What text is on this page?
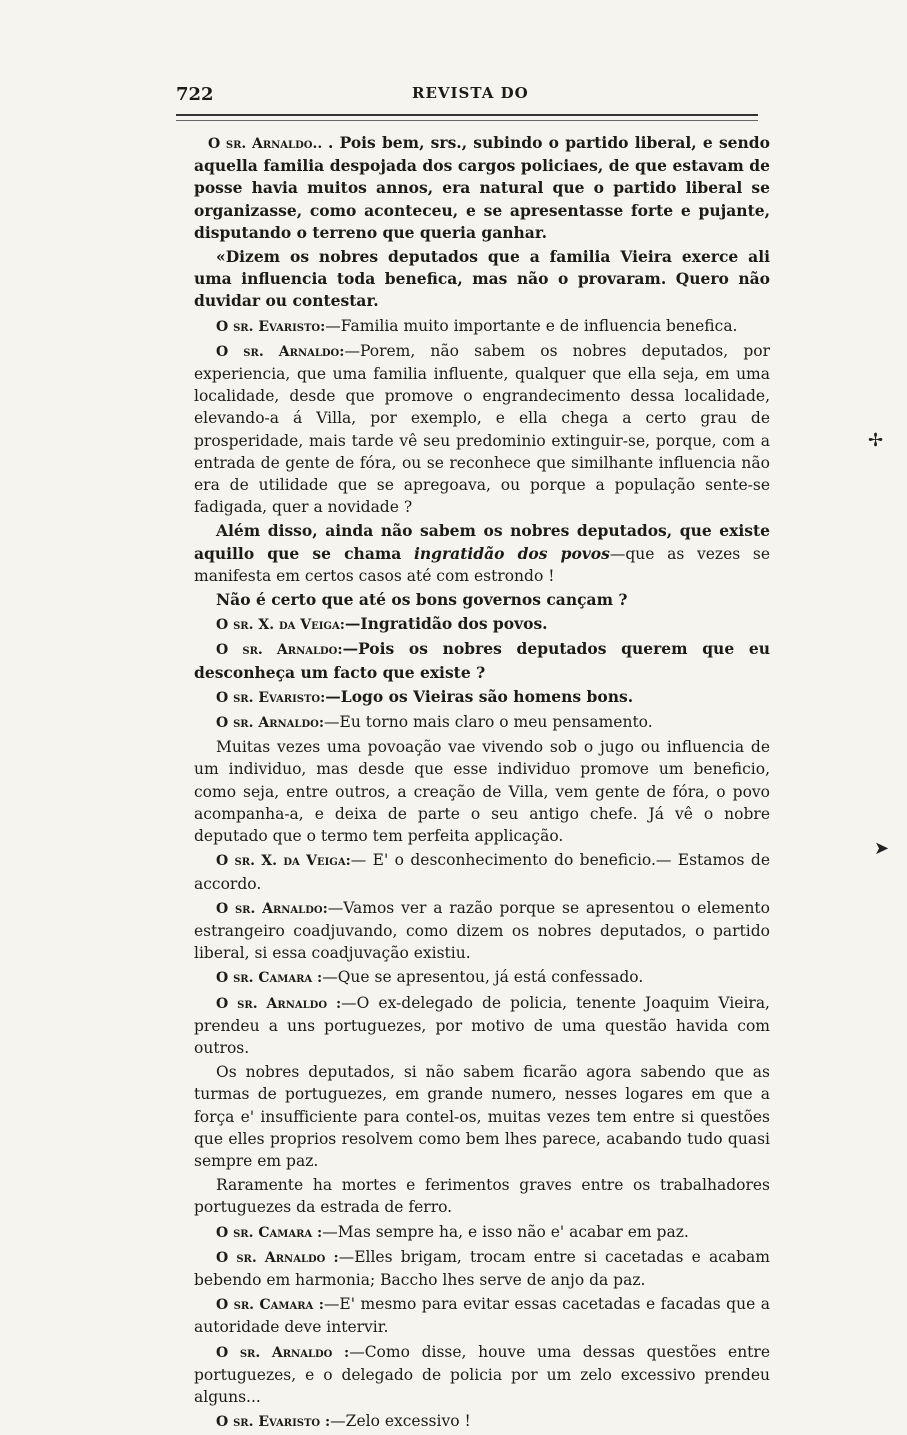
722	REVISTA DO

O sr. Arnaldo.. . Pois bem, srs., subindo o partido liberal, e sendo aquella familia despojada dos cargos policiaes, de que estavam de posse havia muitos annos, era natural que o partido liberal se organizasse, como aconteceu, e se apresentasse forte e pujante, disputando o terreno que queria ganhar.

«Dizem os nobres deputados que a familia Vieira exerce ali uma influencia toda benefica, mas não o provaram. Quero não duvidar ou contestar.

O sr. Evaristo:—Familia muito importante e de influencia benefica.

O sr. Arnaldo:—Porem, não sabem os nobres deputados, por experiencia, que uma familia influente, qualquer que ella seja, em uma localidade, desde que promove o engrandecimento dessa localidade, elevando-a á Villa, por exemplo, e ella chega a certo grau de prosperidade, mais tarde vê seu predominio extinguir-se, porque, com a entrada de gente de fóra, ou se reconhece que similhante influencia não era de utilidade que se apregoava, ou porque a população sente-se fadigada, quer a novidade ?

Além disso, ainda não sabem os nobres deputados, que existe aquillo que se chama ingratidão dos povos—que as vezes se manifesta em certos casos até com estrondo !

Não é certo que até os bons governos cançam ?

O sr. X. da Veiga:—Ingratidão dos povos.

O sr. Arnaldo:—Pois os nobres deputados querem que eu desconheça um facto que existe ?

O sr. Evaristo:—Logo os Vieiras são homens bons.

O sr. Arnaldo:—Eu torno mais claro o meu pensamento.

Muitas vezes uma povoação vae vivendo sob o jugo ou influencia de um individuo, mas desde que esse individuo promove um beneficio, como seja, entre outros, a creação de Villa, vem gente de fóra, o povo acompanha-a, e deixa de parte o seu antigo chefe. Já vê o nobre deputado que o termo tem perfeita applicação.

O sr. X. da Veiga:— E' o desconhecimento do beneficio.— Estamos de accordo.

O sr. Arnaldo:—Vamos ver a razão porque se apresentou o elemento estrangeiro coadjuvando, como dizem os nobres deputados, o partido liberal, si essa coadjuvação existiu.

O sr. Camara :—Que se apresentou, já está confessado.

O sr. Arnaldo :—O ex-delegado de policia, tenente Joaquim Vieira, prendeu a uns portuguezes, por motivo de uma questão havida com outros.

Os nobres deputados, si não sabem ficarão agora sabendo que as turmas de portuguezes, em grande numero, nesses logares em que a força e' insufficiente para contel-os, muitas vezes tem entre si questões que elles proprios resolvem como bem lhes parece, acabando tudo quasi sempre em paz.

Raramente ha mortes e ferimentos graves entre os trabalhadores portuguezes da estrada de ferro.

O sr. Camara :—Mas sempre ha, e isso não e' acabar em paz.

O sr. Arnaldo :—Elles brigam, trocam entre si cacetadas e acabam bebendo em harmonia; Baccho lhes serve de anjo da paz.

O sr. Camara :—E' mesmo para evitar essas cacetadas e facadas que a autoridade deve intervir.

O sr. Arnaldo :—Como disse, houve uma dessas questões entre portuguezes, e o delegado de policia por um zelo excessivo prendeu alguns...

O sr. Evaristo :—Zelo excessivo !

✢
➤
